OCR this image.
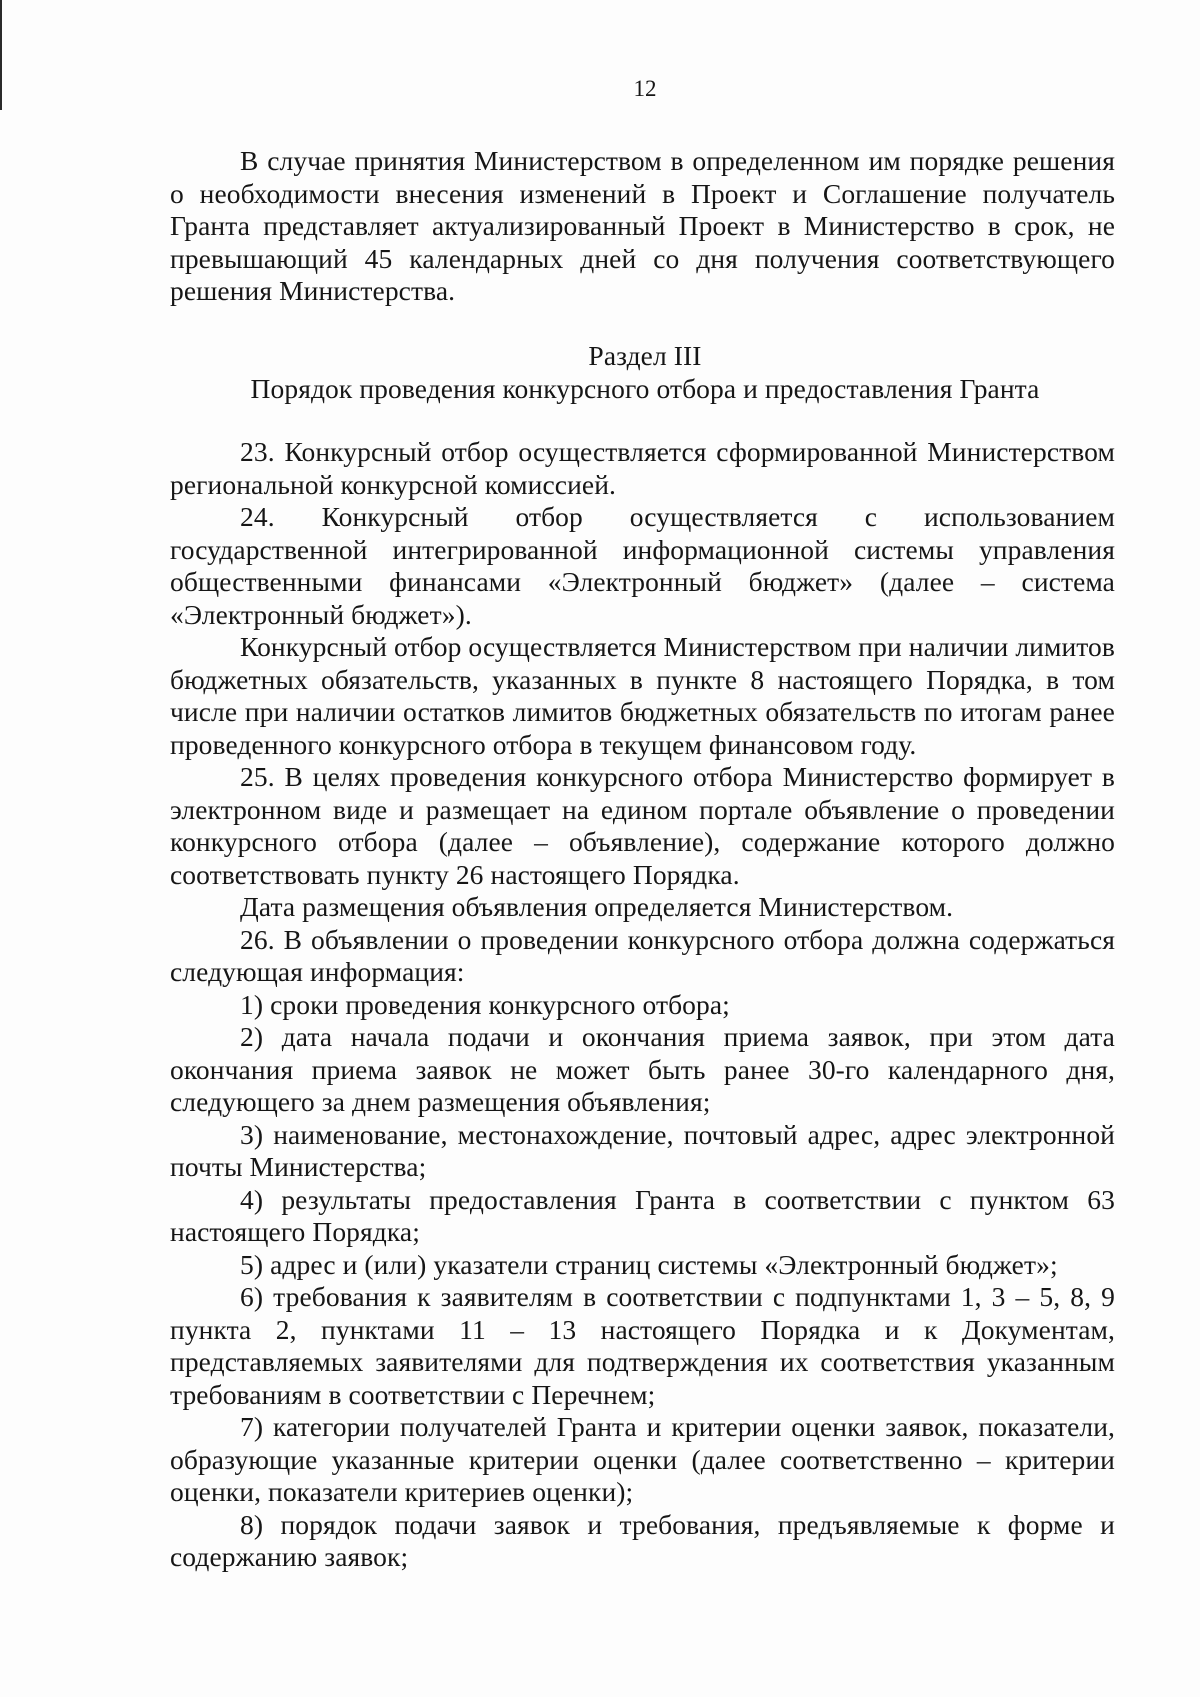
12

В случае принятия Министерством в определенном им порядке решения о необходимости внесения изменений в Проект и Соглашение получатель Гранта представляет актуализированный Проект в Министерство в срок, не превышающий 45 календарных дней со дня получения соответствующего решения Министерства.

Раздел III

Порядок проведения конкурсного отбора и предоставления Гранта

23. Конкурсный отбор осуществляется сформированной Министерством региональной конкурсной комиссией.

24. Конкурсный отбор осуществляется с использованием государственной интегрированной информационной системы управления общественными финансами «Электронный бюджет» (далее – система «Электронный бюджет»).

Конкурсный отбор осуществляется Министерством при наличии лимитов бюджетных обязательств, указанных в пункте 8 настоящего Порядка, в том числе при наличии остатков лимитов бюджетных обязательств по итогам ранее проведенного конкурсного отбора в текущем финансовом году.

25. В целях проведения конкурсного отбора Министерство формирует в электронном виде и размещает на едином портале объявление о проведении конкурсного отбора (далее – объявление), содержание которого должно соответствовать пункту 26 настоящего Порядка.

Дата размещения объявления определяется Министерством.

26. В объявлении о проведении конкурсного отбора должна содержаться следующая информация:

1) сроки проведения конкурсного отбора;

2) дата начала подачи и окончания приема заявок, при этом дата окончания приема заявок не может быть ранее 30-го календарного дня, следующего за днем размещения объявления;

3) наименование, местонахождение, почтовый адрес, адрес электронной почты Министерства;

4) результаты предоставления Гранта в соответствии с пунктом 63 настоящего Порядка;

5) адрес и (или) указатели страниц системы «Электронный бюджет»;

6) требования к заявителям в соответствии с подпунктами 1, 3 – 5, 8, 9 пункта 2, пунктами 11 – 13 настоящего Порядка и к Документам, представляемых заявителями для подтверждения их соответствия указанным требованиям в соответствии с Перечнем;

7) категории получателей Гранта и критерии оценки заявок, показатели, образующие указанные критерии оценки (далее соответственно – критерии оценки, показатели критериев оценки);

8) порядок подачи заявок и требования, предъявляемые к форме и содержанию заявок;
